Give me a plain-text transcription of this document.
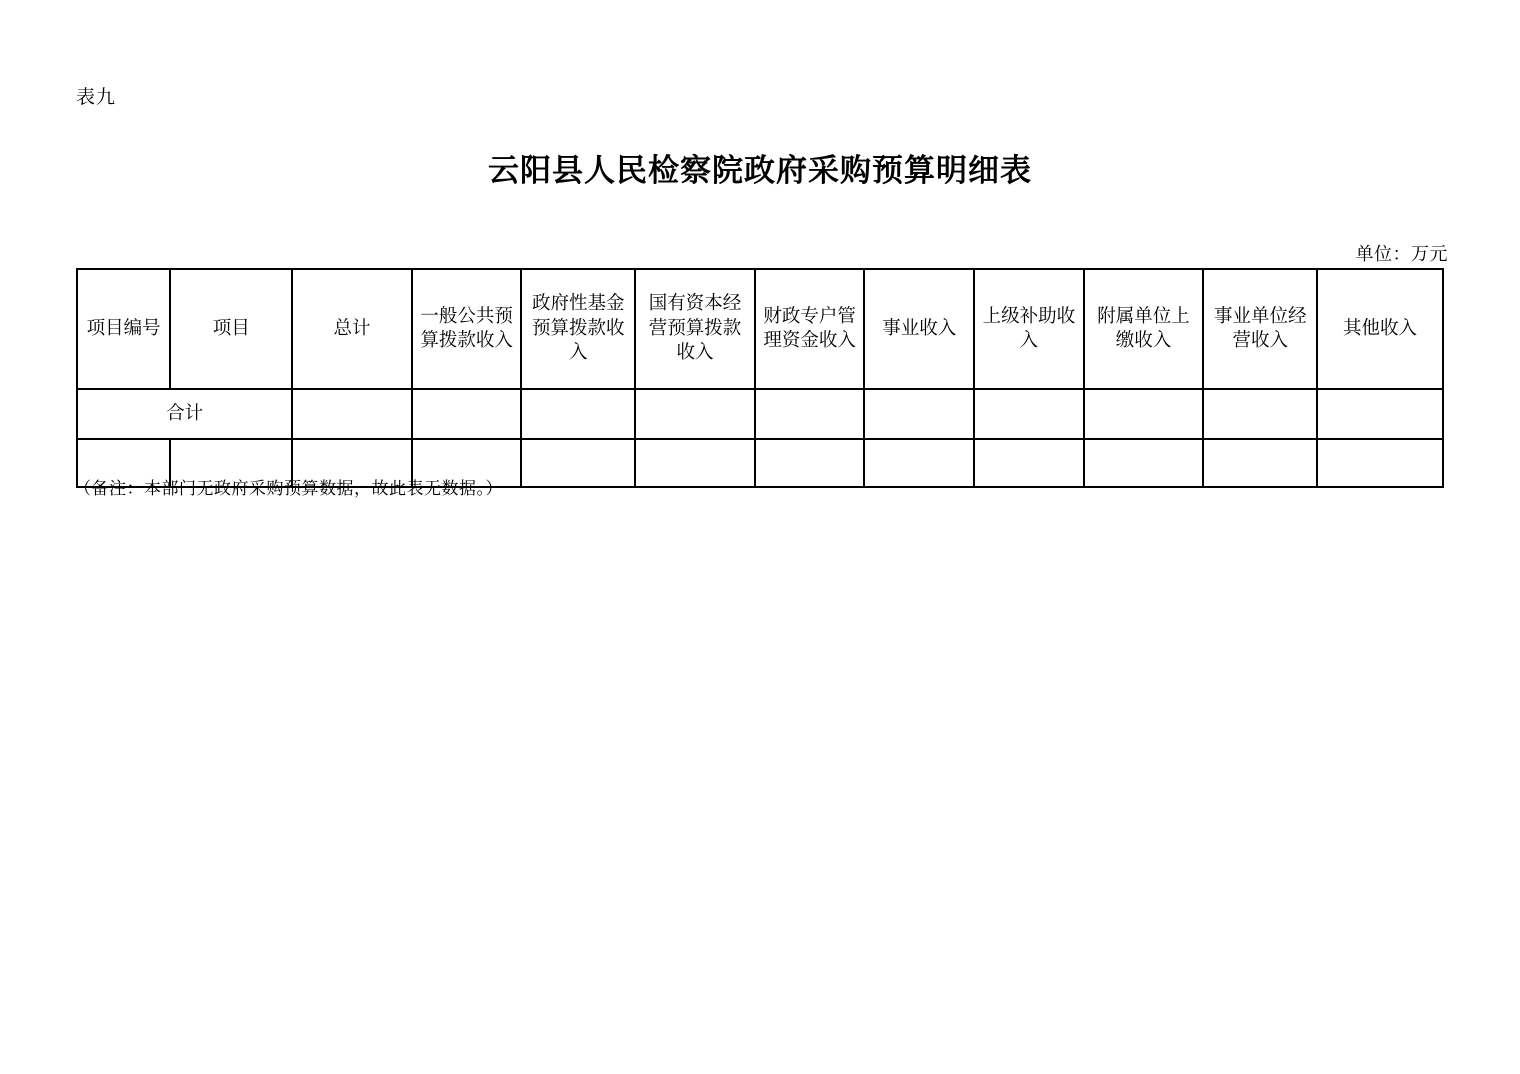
表九
云阳县人民检察院政府采购预算明细表
单位：万元
项目编号	项目	总计	一般公共预算拨款收入	政府性基金预算拨款收入	国有资本经营预算拨款收入	财政专户管理资金收入	事业收入	上级补助收入	附属单位上缴收入	事业单位经营收入	其他收入
合计											

（备注：本部门无政府采购预算数据，故此表无数据。）
